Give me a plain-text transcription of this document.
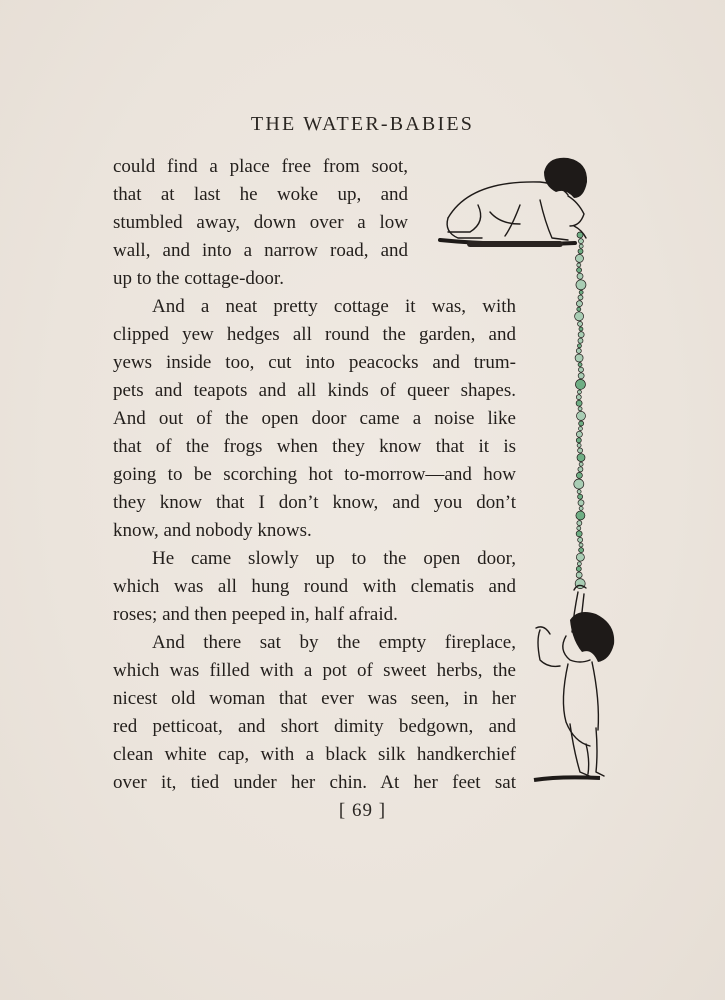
THE WATER-BABIES

could find a place free from soot,

that at last he woke up, and

stumbled away, down over a low

wall, and into a narrow road, and

up to the cottage-door.

And a neat pretty cottage it was, with

clipped yew hedges all round the garden, and

yews inside too, cut into peacocks and trum-

pets and teapots and all kinds of queer shapes.

And out of the open door came a noise like

that of the frogs when they know that it is

going to be scorching hot to-morrow—and how

they know that I don’t know, and you don’t

know, and nobody knows.

He came slowly up to the open door,

which was all hung round with clematis and

roses; and then peeped in, half afraid.

And there sat by the empty fireplace,

which was filled with a pot of sweet herbs, the

nicest old woman that ever was seen, in her

red petticoat, and short dimity bedgown, and

clean white cap, with a black silk handkerchief

over it, tied under her chin. At her feet sat

[ 69 ]
